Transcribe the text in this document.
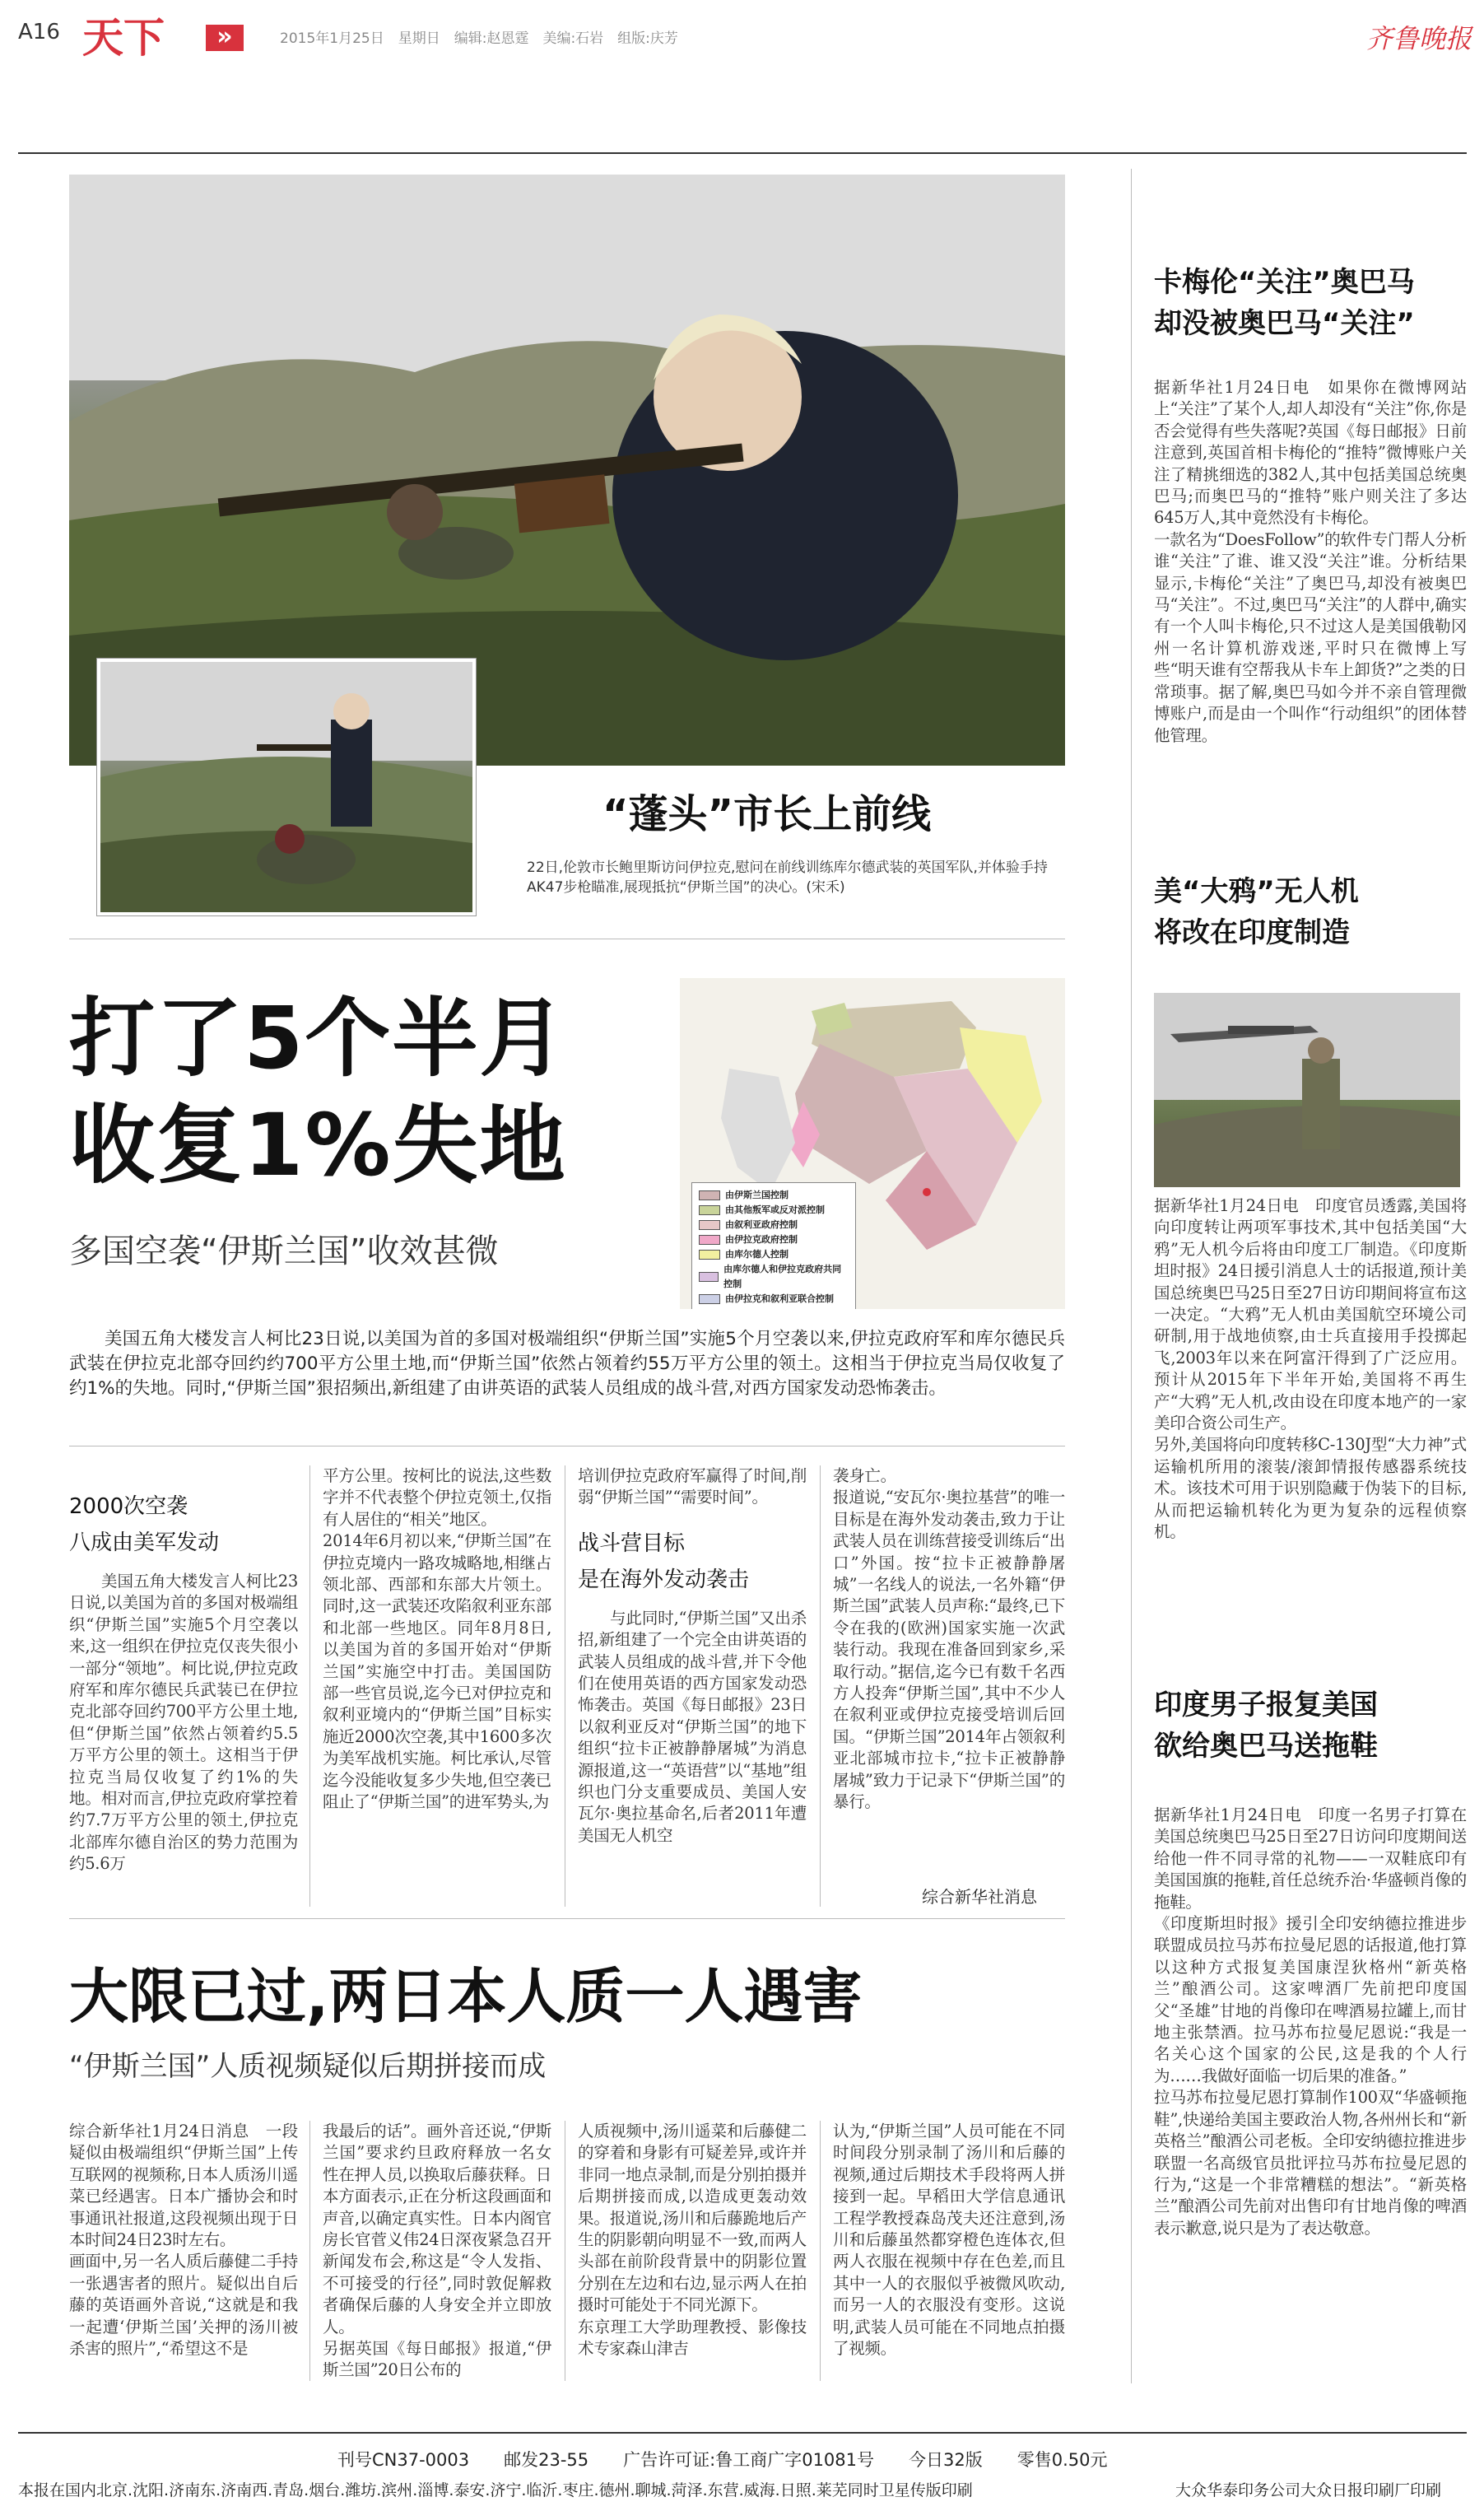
A16 天下	»	2015年1月25日　星期日　编辑:赵恩霆　美编:石岩　组版:庆芳	齐鲁晚报
“蓬头”市长上前线
22日,伦敦市长鲍里斯访问伊拉克,慰问在前线训练库尔德武装的英国军队,并体验手持AK47步枪瞄准,展现抵抗“伊斯兰国”的决心。(宋禾)
卡梅伦“关注”奥巴马
却没被奥巴马“关注”
据新华社1月24日电　如果你在微博网站上“关注”了某个人,却人却没有“关注”你,你是否会觉得有些失落呢?英国《每日邮报》日前注意到,英国首相卡梅伦的“推特”微博账户关注了精挑细选的382人,其中包括美国总统奥巴马;而奥巴马的“推特”账户则关注了多达645万人,其中竟然没有卡梅伦。
一款名为“DoesFollow”的软件专门帮人分析谁“关注”了谁、谁又没“关注”谁。分析结果显示,卡梅伦“关注”了奥巴马,却没有被奥巴马“关注”。不过,奥巴马“关注”的人群中,确实有一个人叫卡梅伦,只不过这人是美国俄勒冈州一名计算机游戏迷,平时只在微博上写些“明天谁有空帮我从卡车上卸货?”之类的日常琐事。据了解,奥巴马如今并不亲自管理微博账户,而是由一个叫作“行动组织”的团体替他管理。
美“大鸦”无人机
将改在印度制造
据新华社1月24日电　印度官员透露,美国将向印度转让两项军事技术,其中包括美国“大鸦”无人机今后将由印度工厂制造。《印度斯坦时报》24日援引消息人士的话报道,预计美国总统奥巴马25日至27日访印期间将宣布这一决定。“大鸦”无人机由美国航空环境公司研制,用于战地侦察,由士兵直接用手投掷起飞,2003年以来在阿富汗得到了广泛应用。预计从2015年下半年开始,美国将不再生产“大鸦”无人机,改由设在印度本地产的一家美印合资公司生产。
另外,美国将向印度转移C-130J型“大力神”式运输机所用的滚装/滚卸情报传感器系统技术。该技术可用于识别隐藏于伪装下的目标,从而把运输机转化为更为复杂的远程侦察机。
印度男子报复美国
欲给奥巴马送拖鞋
据新华社1月24日电　印度一名男子打算在美国总统奥巴马25日至27日访问印度期间送给他一件不同寻常的礼物——一双鞋底印有美国国旗的拖鞋,首任总统乔治·华盛顿肖像的拖鞋。
《印度斯坦时报》援引全印安纳德拉推进步联盟成员拉马苏布拉曼尼恩的话报道,他打算以这种方式报复美国康涅狄格州“新英格兰”酿酒公司。这家啤酒厂先前把印度国父“圣雄”甘地的肖像印在啤酒易拉罐上,而甘地主张禁酒。拉马苏布拉曼尼恩说:“我是一名关心这个国家的公民,这是我的个人行为……我做好面临一切后果的准备。”
拉马苏布拉曼尼恩打算制作100双“华盛顿拖鞋”,快递给美国主要政治人物,各州州长和“新英格兰”酿酒公司老板。全印安纳德拉推进步联盟一名高级官员批评拉马苏布拉曼尼恩的行为,“这是一个非常糟糕的想法”。“新英格兰”酿酒公司先前对出售印有甘地肖像的啤酒表示歉意,说只是为了表达敬意。
打了5个半月
收复1%失地
多国空袭“伊斯兰国”收效甚微
由伊斯兰国控制
由其他叛军或反对派控制
由叙利亚政府控制
由伊拉克政府控制
由库尔德人控制
由库尔德人和伊拉克政府共同控制
由伊拉克和叙利亚联合控制

美国五角大楼发言人柯比23日说,以美国为首的多国对极端组织“伊斯兰国”实施5个月空袭以来,伊拉克政府军和库尔德民兵武装在伊拉克北部夺回约约700平方公里土地,而“伊斯兰国”依然占领着约55万平方公里的领土。这相当于伊拉克当局仅收复了约1%的失地。同时,“伊斯兰国”狠招频出,新组建了由讲英语的武装人员组成的战斗营,对西方国家发动恐怖袭击。

2000次空袭
八成由美军发动

美国五角大楼发言人柯比23日说,以美国为首的多国对极端组织“伊斯兰国”实施5个月空袭以来,这一组织在伊拉克仅丧失很小一部分“领地”。柯比说,伊拉克政府军和库尔德民兵武装已在伊拉克北部夺回约700平方公里土地,但“伊斯兰国”依然占领着约5.5万平方公里的领土。这相当于伊拉克当局仅收复了约1%的失地。相对而言,伊拉克政府掌控着约7.7万平方公里的领土,伊拉克北部库尔德自治区的势力范围为约5.6万

平方公里。按柯比的说法,这些数字并不代表整个伊拉克领土,仅指有人居住的“相关”地区。
2014年6月初以来,“伊斯兰国”在伊拉克境内一路攻城略地,相继占领北部、西部和东部大片领土。同时,这一武装还攻陷叙利亚东部和北部一些地区。同年8月8日,以美国为首的多国开始对“伊斯兰国”实施空中打击。美国国防部一些官员说,迄今已对伊拉克和叙利亚境内的“伊斯兰国”目标实施近2000次空袭,其中1600多次为美军战机实施。柯比承认,尽管迄今没能收复多少失地,但空袭已阻止了“伊斯兰国”的进军势头,为
培训伊拉克政府军赢得了时间,削弱“伊斯兰国”“需要时间”。
战斗营目标
是在海外发动袭击

与此同时,“伊斯兰国”又出杀招,新组建了一个完全由讲英语的武装人员组成的战斗营,并下令他们在使用英语的西方国家发动恐怖袭击。英国《每日邮报》23日以叙利亚反对“伊斯兰国”的地下组织“拉卡正被静静屠城”为消息源报道,这一“英语营”以“基地”组织也门分支重要成员、美国人安瓦尔·奥拉基命名,后者2011年遭美国无人机空

袭身亡。
报道说,“安瓦尔·奥拉基营”的唯一目标是在海外发动袭击,致力于让武装人员在训练营接受训练后“出口”外国。按“拉卡正被静静屠城”一名线人的说法,一名外籍“伊斯兰国”武装人员声称:“最终,已下令在我的(欧洲)国家实施一次武装行动。我现在准备回到家乡,采取行动。”据信,迄今已有数千名西方人投奔“伊斯兰国”,其中不少人在叙利亚或伊拉克接受培训后回国。“伊斯兰国”2014年占领叙利亚北部城市拉卡,“拉卡正被静静屠城”致力于记录下“伊斯兰国”的暴行。
综合新华社消息
大限已过,两日本人质一人遇害
“伊斯兰国”人质视频疑似后期拼接而成
综合新华社1月24日消息　一段疑似由极端组织“伊斯兰国”上传互联网的视频称,日本人质汤川遥菜已经遇害。日本广播协会和时事通讯社报道,这段视频出现于日本时间24日23时左右。
画面中,另一名人质后藤健二手持一张遇害者的照片。疑似出自后藤的英语画外音说,“这就是和我一起遭‘伊斯兰国’关押的汤川被杀害的照片”,“希望这不是
我最后的话”。画外音还说,“伊斯兰国”要求约旦政府释放一名女性在押人员,以换取后藤获释。日本方面表示,正在分析这段画面和声音,以确定真实性。日本内阁官房长官菅义伟24日深夜紧急召开新闻发布会,称这是“令人发指、不可接受的行径”,同时敦促解救者确保后藤的人身安全并立即放人。
另据英国《每日邮报》报道,“伊斯兰国”20日公布的
人质视频中,汤川遥菜和后藤健二的穿着和身影有可疑差异,或许并非同一地点录制,而是分别拍摄并后期拼接而成,以造成更轰动效果。报道说,汤川和后藤跪地后产生的阴影朝向明显不一致,而两人头部在前阶段背景中的阴影位置分别在左边和右边,显示两人在拍摄时可能处于不同光源下。
东京理工大学助理教授、影像技术专家森山津吉
认为,“伊斯兰国”人员可能在不同时间段分别录制了汤川和后藤的视频,通过后期技术手段将两人拼接到一起。早稻田大学信息通讯工程学教授森岛茂夫还注意到,汤川和后藤虽然都穿橙色连体衣,但两人衣服在视频中存在色差,而且其中一人的衣服似乎被微风吹动,而另一人的衣服没有变形。这说明,武装人员可能在不同地点拍摄了视频。
刊号CN37-0003　　邮发23-55　　广告许可证:鲁工商广字01081号　　今日32版　　零售0.50元
本报在国内北京.沈阳.济南东.济南西.青岛.烟台.潍坊.滨州.淄博.泰安.济宁.临沂.枣庄.德州.聊城.菏泽.东营.威海.日照.莱芜同时卫星传版印刷	大众华泰印务公司大众日报印刷厂印刷
